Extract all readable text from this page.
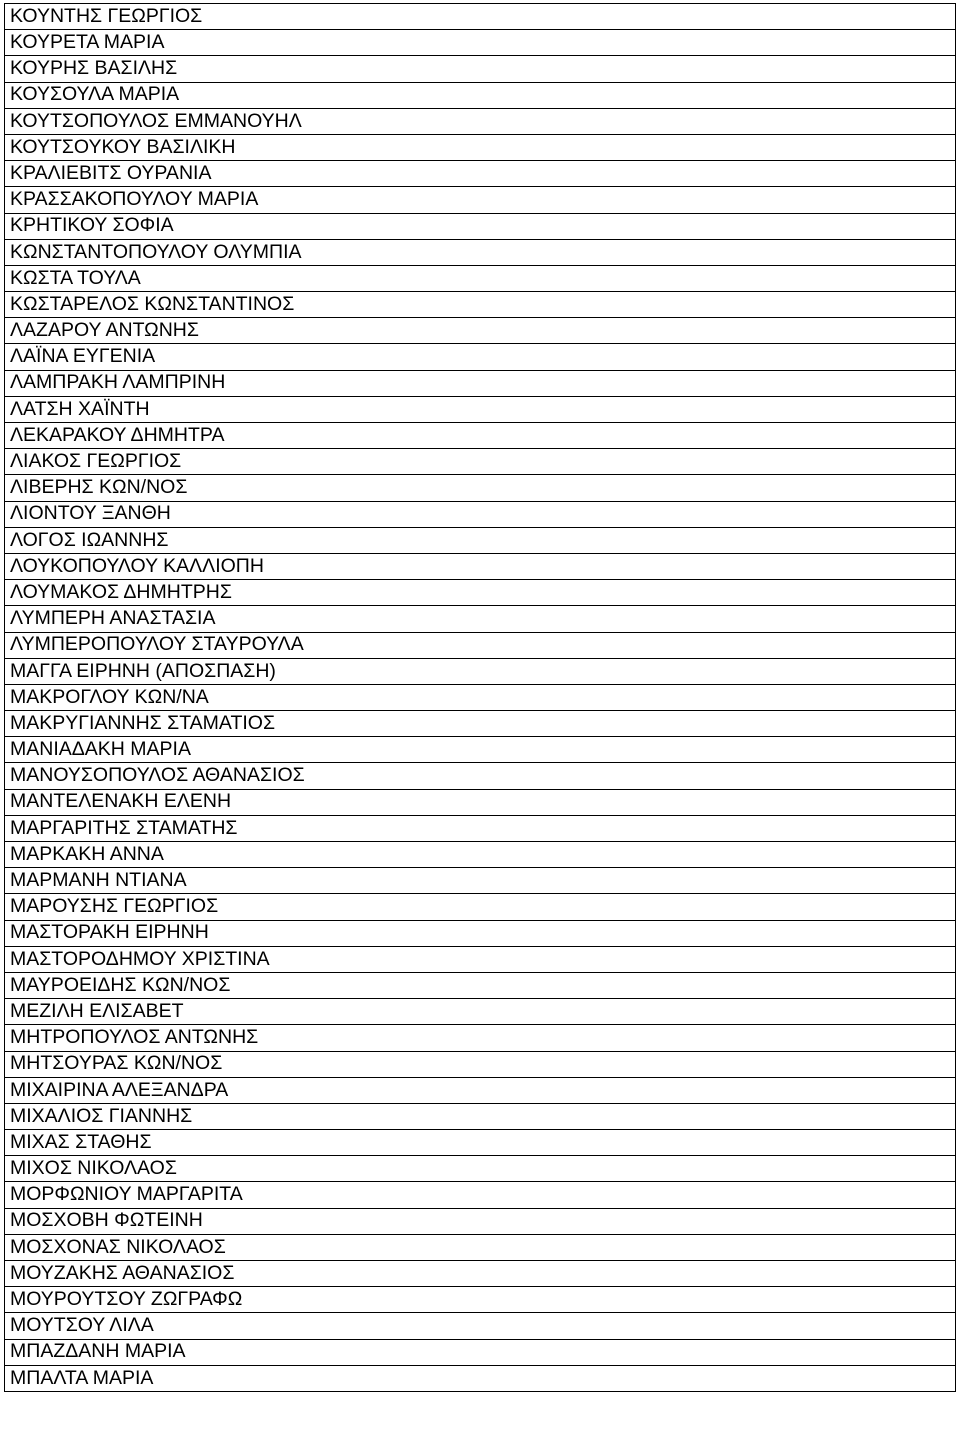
ΚΟΥΝΤΗΣ ΓΕΩΡΓΙΟΣ
ΚΟΥΡΕΤΑ ΜΑΡΙΑ
ΚΟΥΡΗΣ ΒΑΣΙΛΗΣ
ΚΟΥΣΟΥΛΑ ΜΑΡΙΑ
ΚΟΥΤΣΟΠΟΥΛΟΣ ΕΜΜΑΝΟΥΗΛ
ΚΟΥΤΣΟΥΚΟΥ ΒΑΣΙΛΙΚΗ
ΚΡΑΛΙΕΒΙΤΣ ΟΥΡΑΝΙΑ
ΚΡΑΣΣΑΚΟΠΟΥΛΟΥ ΜΑΡΙΑ
ΚΡΗΤΙΚΟΥ ΣΟΦΙΑ
ΚΩΝΣΤΑΝΤΟΠΟΥΛΟΥ ΟΛΥΜΠΙΑ
ΚΩΣΤΑ ΤΟΥΛΑ
ΚΩΣΤΑΡΕΛΟΣ ΚΩΝΣΤΑΝΤΙΝΟΣ
ΛΑΖΑΡΟΥ ΑΝΤΩΝΗΣ
ΛΑΪΝΑ ΕΥΓΕΝΙΑ
ΛΑΜΠΡΑΚΗ ΛΑΜΠΡΙΝΗ
ΛΑΤΣΗ ΧΑΪΝΤΗ
ΛΕΚΑΡΑΚΟΥ ΔΗΜΗΤΡΑ
ΛΙΑΚΟΣ ΓΕΩΡΓΙΟΣ
ΛΙΒΕΡΗΣ ΚΩΝ/ΝΟΣ
ΛΙΟΝΤΟΥ ΞΑΝΘΗ
ΛΟΓΟΣ ΙΩΑΝΝΗΣ
ΛΟΥΚΟΠΟΥΛΟΥ ΚΑΛΛΙΟΠΗ
ΛΟΥΜΑΚΟΣ ΔΗΜΗΤΡΗΣ
ΛΥΜΠΕΡΗ ΑΝΑΣΤΑΣΙΑ
ΛΥΜΠΕΡΟΠΟΥΛΟΥ ΣΤΑΥΡΟΥΛΑ
ΜΑΓΓΑ ΕΙΡΗΝΗ (ΑΠΟΣΠΑΣΗ)
ΜΑΚΡΟΓΛΟΥ ΚΩΝ/ΝΑ
ΜΑΚΡΥΓΙΑΝΝΗΣ ΣΤΑΜΑΤΙΟΣ
ΜΑΝΙΑΔΑΚΗ ΜΑΡΙΑ
ΜΑΝΟΥΣΟΠΟΥΛΟΣ ΑΘΑΝΑΣΙΟΣ
ΜΑΝΤΕΛΕΝΑΚΗ ΕΛΕΝΗ
ΜΑΡΓΑΡΙΤΗΣ ΣΤΑΜΑΤΗΣ
ΜΑΡΚΑΚΗ ΑΝΝΑ
ΜΑΡΜΑΝΗ ΝΤΙΑΝΑ
ΜΑΡΟΥΣΗΣ ΓΕΩΡΓΙΟΣ
ΜΑΣΤΟΡΑΚΗ ΕΙΡΗΝΗ
ΜΑΣΤΟΡΟΔΗΜΟΥ ΧΡΙΣΤΙΝΑ
ΜΑΥΡΟΕΙΔΗΣ ΚΩΝ/ΝΟΣ
ΜΕΖΙΛΗ ΕΛΙΣΑΒΕΤ
ΜΗΤΡΟΠΟΥΛΟΣ ΑΝΤΩΝΗΣ
ΜΗΤΣΟΥΡΑΣ ΚΩΝ/ΝΟΣ
ΜΙΧΑΙΡΙΝΑ ΑΛΕΞΑΝΔΡΑ
ΜΙΧΑΛΙΟΣ ΓΙΑΝΝΗΣ
ΜΙΧΑΣ ΣΤΑΘΗΣ
ΜΙΧΟΣ ΝΙΚΟΛΑΟΣ
ΜΟΡΦΩΝΙΟΥ ΜΑΡΓΑΡΙΤΑ
ΜΟΣΧΟΒΗ ΦΩΤΕΙΝΗ
ΜΟΣΧΟΝΑΣ ΝΙΚΟΛΑΟΣ
ΜΟΥΖΑΚΗΣ ΑΘΑΝΑΣΙΟΣ
ΜΟΥΡΟΥΤΣΟΥ ΖΩΓΡΑΦΩ
ΜΟΥΤΣΟΥ ΛΙΛΑ
ΜΠΑΖΔΑΝΗ ΜΑΡΙΑ
ΜΠΑΛΤΑ ΜΑΡΙΑ
